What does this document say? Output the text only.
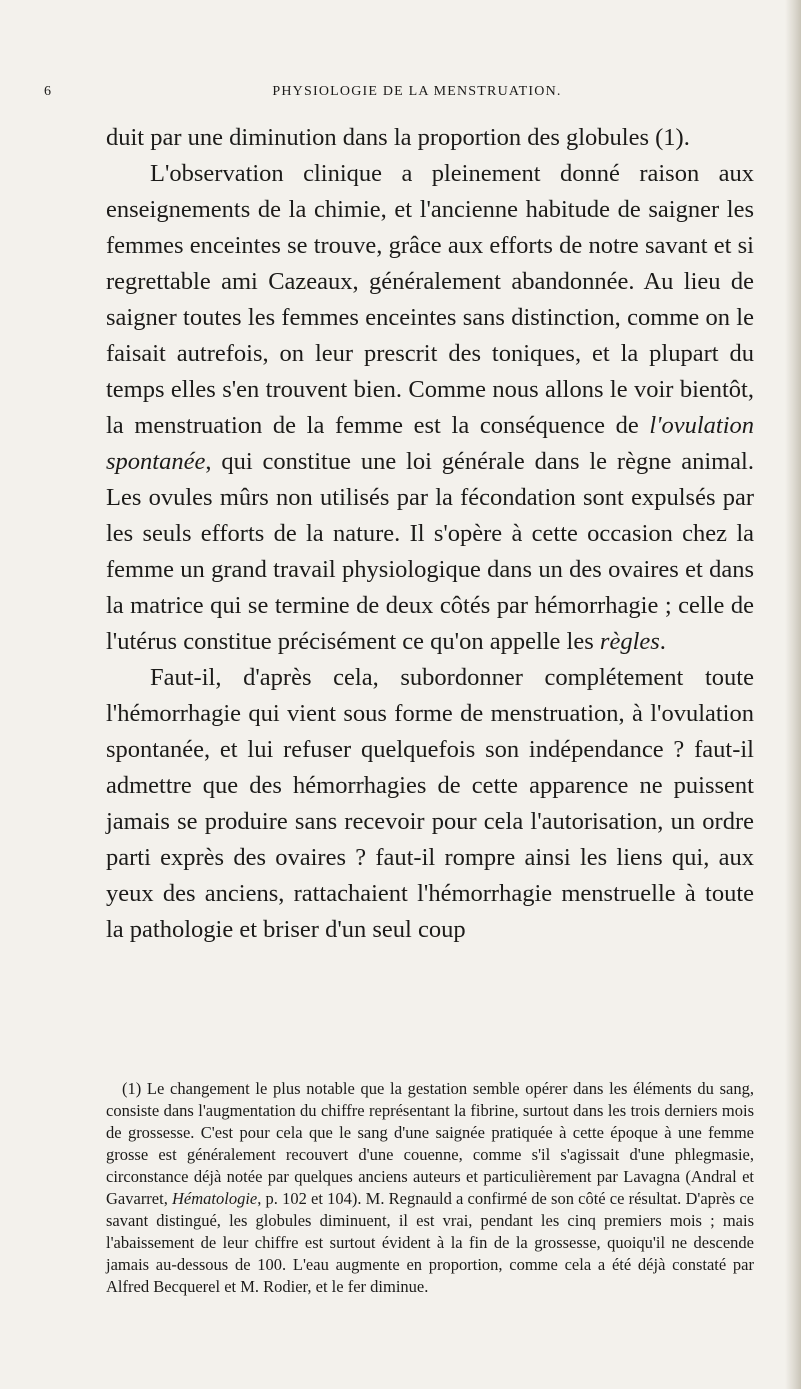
6	PHYSIOLOGIE DE LA MENSTRUATION.

duit par une diminution dans la proportion des globules (1).

L'observation clinique a pleinement donné raison aux enseignements de la chimie, et l'ancienne habitude de saigner les femmes enceintes se trouve, grâce aux efforts de notre savant et si regrettable ami Cazeaux, généralement abandonnée. Au lieu de saigner toutes les femmes enceintes sans distinction, comme on le faisait autrefois, on leur prescrit des toniques, et la plupart du temps elles s'en trouvent bien. Comme nous allons le voir bientôt, la menstruation de la femme est la conséquence de l'ovulation spontanée, qui constitue une loi générale dans le règne animal. Les ovules mûrs non utilisés par la fécondation sont expulsés par les seuls efforts de la nature. Il s'opère à cette occasion chez la femme un grand travail physiologique dans un des ovaires et dans la matrice qui se termine de deux côtés par hémorrhagie ; celle de l'utérus constitue précisément ce qu'on appelle les règles.

Faut-il, d'après cela, subordonner complétement toute l'hémorrhagie qui vient sous forme de menstruation, à l'ovulation spontanée, et lui refuser quelquefois son indépendance ? faut-il admettre que des hémorrhagies de cette apparence ne puissent jamais se produire sans recevoir pour cela l'autorisation, un ordre parti exprès des ovaires ? faut-il rompre ainsi les liens qui, aux yeux des anciens, rattachaient l'hémorrhagie menstruelle à toute la pathologie et briser d'un seul coup

(1) Le changement le plus notable que la gestation semble opérer dans les éléments du sang, consiste dans l'augmentation du chiffre représentant la fibrine, surtout dans les trois derniers mois de grossesse. C'est pour cela que le sang d'une saignée pratiquée à cette époque à une femme grosse est généralement recouvert d'une couenne, comme s'il s'agissait d'une phlegmasie, circonstance déjà notée par quelques anciens auteurs et particulièrement par Lavagna (Andral et Gavarret, Hématologie, p. 102 et 104). M. Regnauld a confirmé de son côté ce résultat. D'après ce savant distingué, les globules diminuent, il est vrai, pendant les cinq premiers mois ; mais l'abaissement de leur chiffre est surtout évident à la fin de la grossesse, quoiqu'il ne descende jamais au-dessous de 100. L'eau augmente en proportion, comme cela a été déjà constaté par Alfred Becquerel et M. Rodier, et le fer diminue.
